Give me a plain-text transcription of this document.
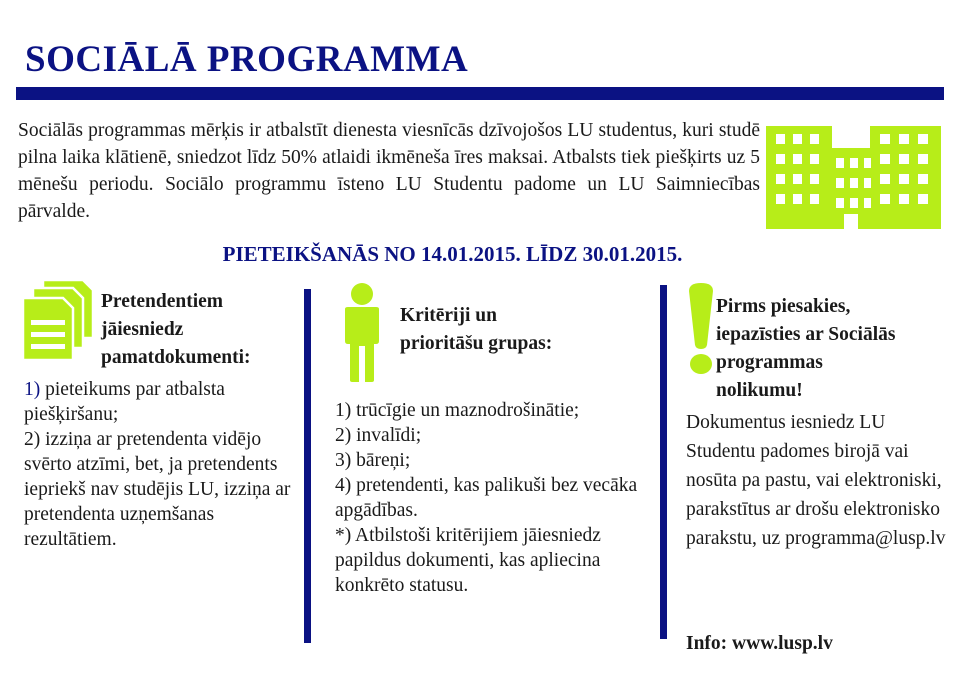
SOCIĀLĀ PROGRAMMA

Sociālās programmas mērķis ir atbalstīt dienesta viesnīcās dzīvojošos LU studentus, kuri studē pilna laika klātienē, sniedzot līdz 50% atlaidi ikmēneša īres maksai. Atbalsts tiek piešķirts uz 5 mēnešu periodu. Sociālo programmu īsteno LU Studentu padome un LU Saimniecības pārvalde.

PIETEIKŠANĀS NO 14.01.2015. LĪDZ 30.01.2015.
Pretendentiem
jāiesniedz
pamatdokumenti:

1) pieteikums par atbalsta piešķiršanu;

2) izziņa ar pretendenta vidējo svērto atzīmi, bet, ja pretendents iepriekš nav studējis LU, izziņa ar pretendenta uzņemšanas rezultātiem.

Kritēriji un
prioritāšu grupas:

1) trūcīgie un maznodrošinātie;

2) invalīdi;

3) bāreņi;

4) pretendenti, kas palikuši bez vecāka apgādības.

*) Atbilstoši kritērijiem jāiesniedz papildus dokumenti, kas apliecina konkrēto statusu.

Pirms piesakies,
iepazīsties ar Sociālās
programmas
nolikumu!

Dokumentus iesniedz LU Studentu padomes birojā vai nosūta pa pastu, vai elektroniski, parakstītus ar drošu elektronisko parakstu, uz programma@lusp.lv

Info: www.lusp.lv
